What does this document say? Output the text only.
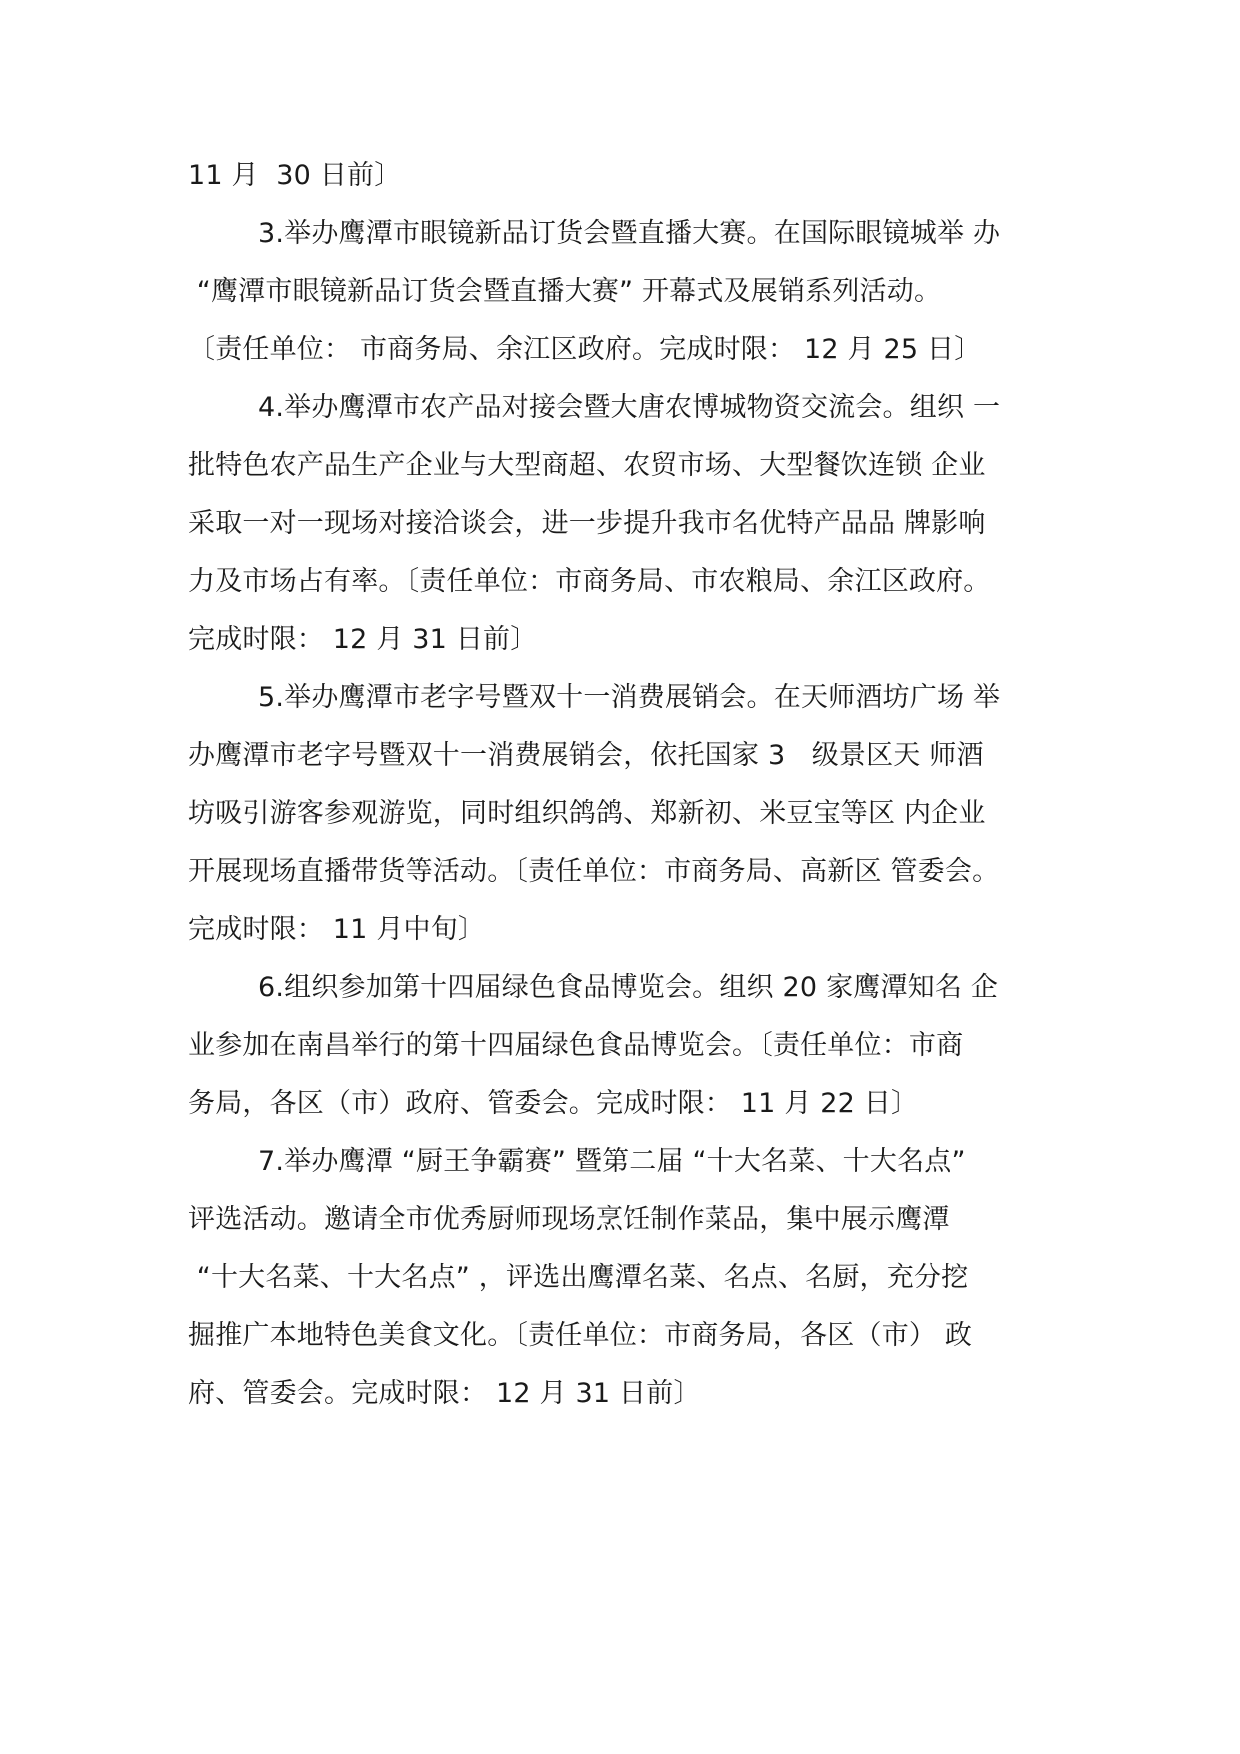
11 月  30 日前〕
3.举办鹰潭市眼镜新品订货会暨直播大赛。在国际眼镜城举 办
“鹰潭市眼镜新品订货会暨直播大赛” 开幕式及展销系列活动。
〔责任单位： 市商务局、余江区政府。完成时限： 12 月 25 日〕
4.举办鹰潭市农产品对接会暨大唐农博城物资交流会。组织 一
批特色农产品生产企业与大型商超、农贸市场、大型餐饮连锁 企业
采取一对一现场对接洽谈会，进一步提升我市名优特产品品 牌影响
力及市场占有率。〔责任单位：市商务局、市农粮局、余江区政府。
完成时限： 12 月 31 日前〕
5.举办鹰潭市老字号暨双十一消费展销会。在天师酒坊广场 举
办鹰潭市老字号暨双十一消费展销会，依托国家 3   级景区天 师酒
坊吸引游客参观游览，同时组织鸽鸽、郑新初、米豆宝等区 内企业
开展现场直播带货等活动。〔责任单位：市商务局、高新区 管委会。
完成时限： 11 月中旬〕
6.组织参加第十四届绿色食品博览会。组织 20 家鹰潭知名 企
业参加在南昌举行的第十四届绿色食品博览会。〔责任单位：市商
务局，各区（市）政府、管委会。完成时限： 11 月 22 日〕
7.举办鹰潭 “厨王争霸赛” 暨第二届 “十大名菜、十大名点”
评选活动。邀请全市优秀厨师现场烹饪制作菜品，集中展示鹰潭
“十大名菜、十大名点” ，评选出鹰潭名菜、名点、名厨，充分挖
掘推广本地特色美食文化。〔责任单位：市商务局，各区（市） 政
府、管委会。完成时限： 12 月 31 日前〕
